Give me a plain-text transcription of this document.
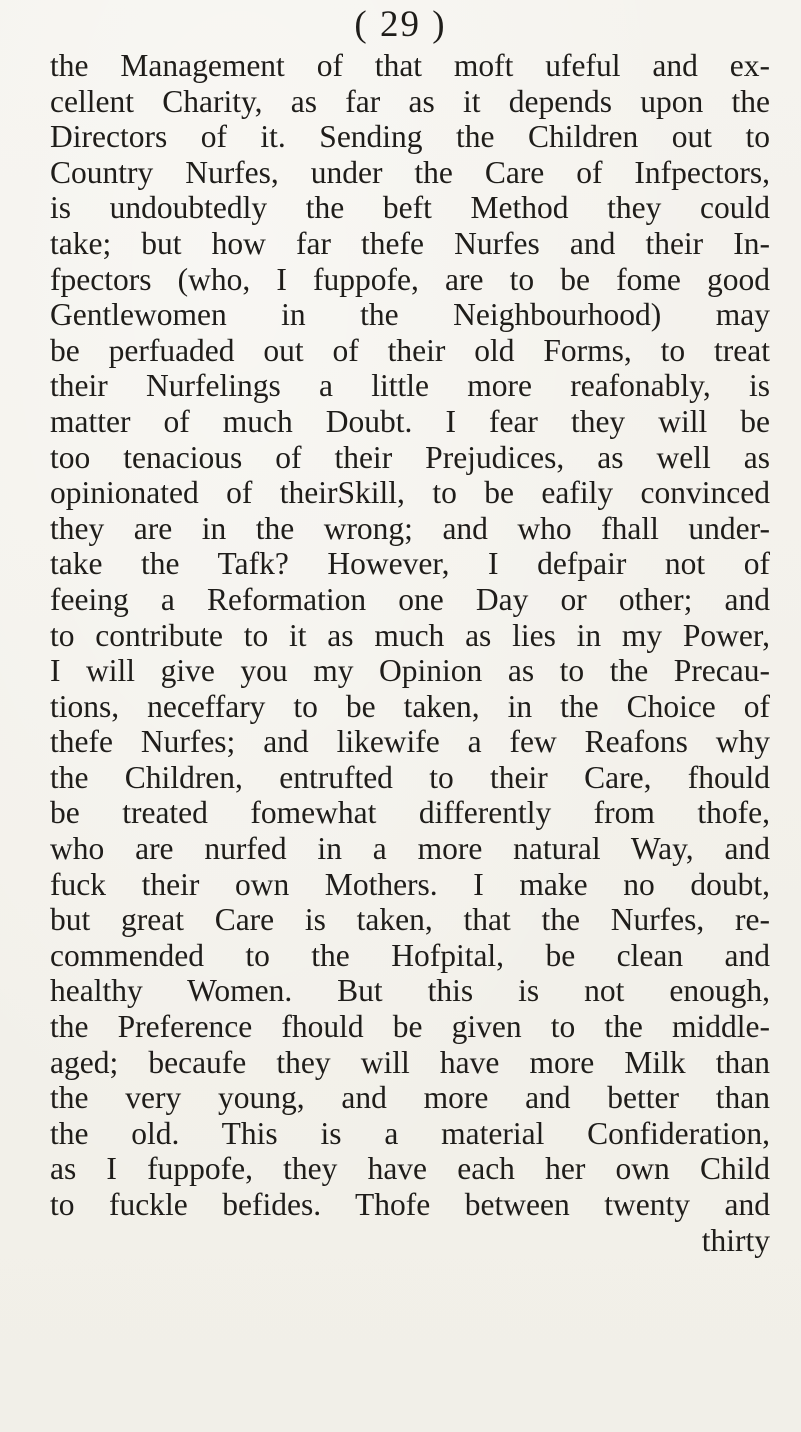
( 29 )
the Management of that moft ufeful and ex-
cellent Charity, as far as it depends upon the
Directors of it. Sending the Children out to
Country Nurfes, under the Care of Infpectors,
is undoubtedly the beft Method they could
take; but how far thefe Nurfes and their In-
fpectors (who, I fuppofe, are to be fome good
Gentlewomen in the Neighbourhood) may
be perfuaded out of their old Forms, to treat
their Nurfelings a little more reafonably, is
matter of much Doubt. I fear they will be
too tenacious of their Prejudices, as well as
opinionated of theirSkill, to be eafily convinced
they are in the wrong; and who fhall under-
take the Tafk? However, I defpair not of
feeing a Reformation one Day or other; and
to contribute to it as much as lies in my Power,
I will give you my Opinion as to the Precau-
tions, neceffary to be taken, in the Choice of
thefe Nurfes; and likewife a few Reafons why
the Children, entrufted to their Care, fhould
be treated fomewhat differently from thofe,
who are nurfed in a more natural Way, and
fuck their own Mothers. I make no doubt,
but great Care is taken, that the Nurfes, re-
commended to the Hofpital, be clean and
healthy Women. But this is not enough,
the Preference fhould be given to the middle-
aged; becaufe they will have more Milk than
the very young, and more and better than
the old. This is a material Confideration,
as I fuppofe, they have each her own Child
to fuckle befides. Thofe between twenty and
thirty
